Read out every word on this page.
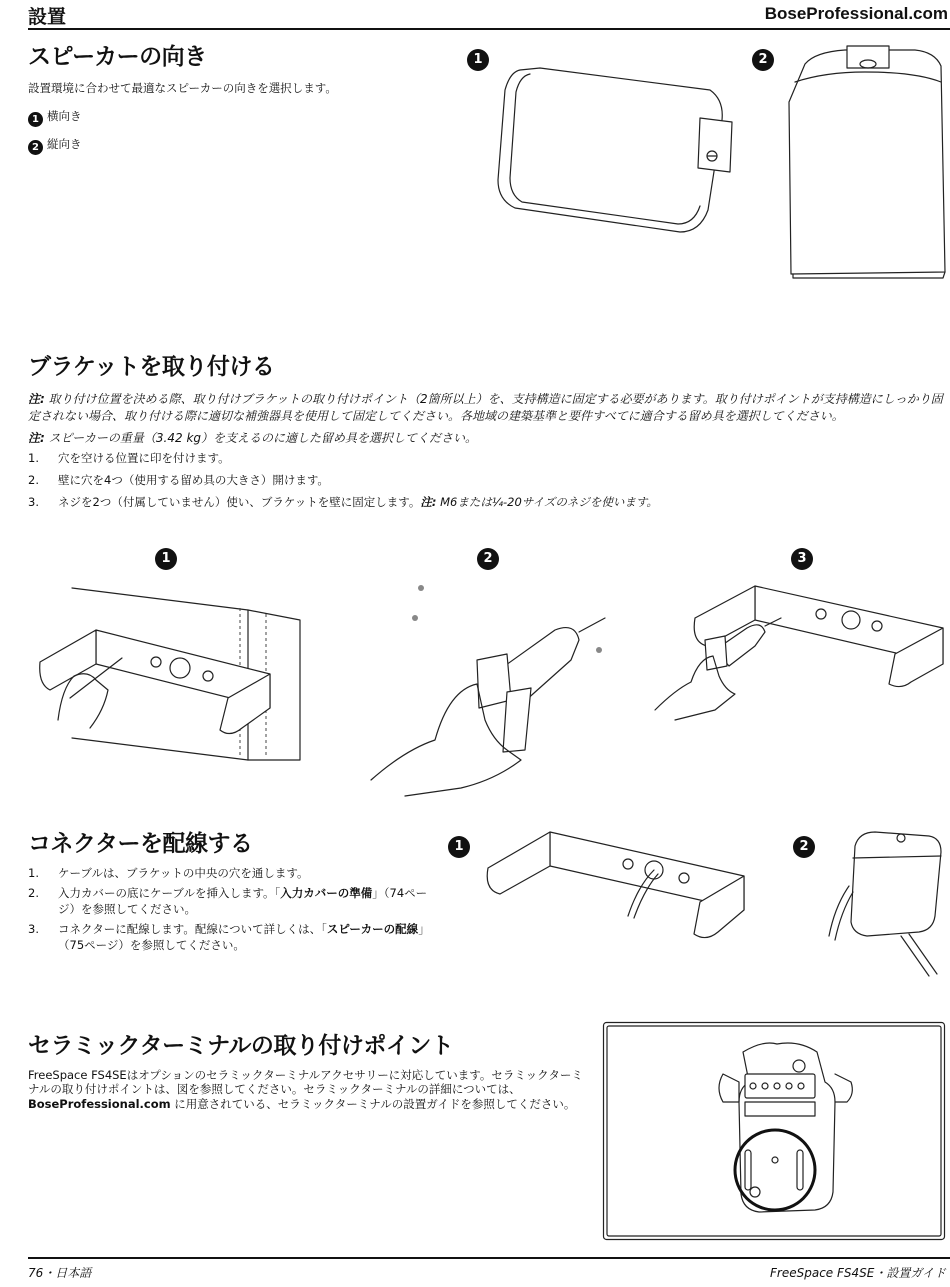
設置	BoseProfessional.com
スピーカーの向き
設置環境に合わせて最適なスピーカーの向きを選択します。
1 横向き
2 縦向き
1	2
ブラケットを取り付ける
注: 取り付け位置を決める際、取り付けブラケットの取り付けポイント（2箇所以上）を、支持構造に固定する必要があります。取り付けポイントが支持構造にしっかり固定されない場合、取り付ける際に適切な補強器具を使用して固定してください。各地域の建築基準と要件すべてに適合する留め具を選択してください。
注: スピーカーの重量（3.42 kg）を支えるのに適した留め具を選択してください。
1. 穴を空ける位置に印を付けます。
2. 壁に穴を4つ（使用する留め具の大きさ）開けます。
3. ネジを2つ（付属していません）使い、ブラケットを壁に固定します。注: M6または¼-20サイズのネジを使います。
1	2	3
コネクターを配線する
1. ケーブルは、ブラケットの中央の穴を通します。
2. 入力カバーの底にケーブルを挿入します。「入力カバーの準備」（74ページ）を参照してください。
3. コネクターに配線します。配線について詳しくは、「スピーカーの配線」（75ページ）を参照してください。
1	2
セラミックターミナルの取り付けポイント
FreeSpace FS4SEはオプションのセラミックターミナルアクセサリーに対応しています。セラミックターミナルの取り付けポイントは、図を参照してください。セラミックターミナルの詳細については、BoseProfessional.com に用意されている、セラミックターミナルの設置ガイドを参照してください。
76・日本語	FreeSpace FS4SE・設置ガイド
